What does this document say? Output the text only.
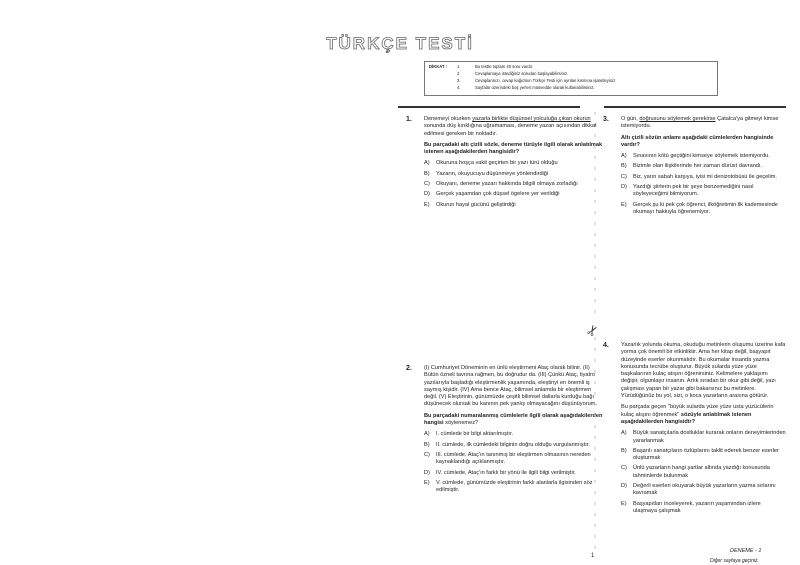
TÜRKÇE TESTİ
DİKKAT : 1.	Bu testte toplam 40 soru vardır.
2.	Cevaplamaya istediğiniz sorudan başlayabilirsiniz.
3.	Cevaplarınızı, cevap kağıdının Türkçe Testi için ayrılan kısmına işaretleyiniz.
4.	Sayfalar üzerindeki boş yerleri müsvedde olarak kullanabilirsiniz.
1. Denemeyi okurken yazarla birlikte düşünsel yolculuğa çıkan okurun sonunda düş kırıklığına uğramaması, deneme yazarı açısından dikkat edilmesi gereken bir noktadır.

Bu parçadaki altı çizili sözle, deneme türüyle ilgili olarak anlatılmak istenen aşağıdakilerden hangisidir?

A)	Okuruna hoşça vakit geçirten bir yazı türü olduğu
B)	Yazarın, okuyucuyu düşünmeye yönlendirdiği
C)	Okuyanı, deneme yazarı hakkında bilgili olmaya zorladığı
D)	Gerçek yaşamdan çok düşsel ögelere yer verildiği
E)	Okurun hayal gücünü geliştirdiği
2. (I) Cumhuriyet Döneminin en ünlü eleştirmeni Ataç olarak bilinir. (II) Bütün özneli tavrına rağmen, bu doğrudur da. (III) Çünkü Ataç, tiyatro yazılarıyla başladığı eleştirmenlik yaşamında, eleştiriyi en önemli iş saymış kişidir. (IV) Ama bence Ataç, bilimsel anlamda bir eleştirmen değil. (V) Eleştirinin, günümüzde çeşitli bilimsel dallarla kurduğu bağı düşünecek olursak bu kanının pek yanlış olmayacağını düşünüyorum.

Bu parçadaki numaralanmış cümlelerle ilgili olarak aşağıdakilerden hangisi söylenemez?

A)	I. cümlede bir bilgi aktarılmıştır.
B)	II. cümlede, ilk cümledeki bilginin doğru olduğu vurgulanmıştır.
C)	III. cümlede, Ataç'ın tanınmış bir eleştirmen olmasının nereden kaynaklandığı açıklanmıştır.
D)	IV. cümlede, Ataç'ın farklı bir yönü ile ilgili bilgi verilmiştir.
E)	V. cümlede, günümüzde eleştirinin farklı alanlarla ilgisinden söz edilmiştir.
✂
1
3. O gün, doğrusunu söylemek gerekirse Çatalca'ya gitmeyi kimse istemiyordu.

Altı çizili sözün anlamı aşağıdaki cümlelerden hangisinde vardır?

A)	Sınavının kötü geçtiğini kimseye söylemek istemiyordu.
B)	Bizimle olan ilişkilerinde her zaman dürüst davrandı.
C)	Biz, yarın sabah karşıya, iyisi mi denizotobüsü ile geçelim.
D)	Yazdığı şiirlerin pek bir şeye benzemediğini nasıl söyleyeceğimi bilmiyorum.
E)	Gerçek şu ki pek çok öğrenci, ilköğretimin ilk kademesinde okumayı hakkıyla öğrenemiyor.
4. Yazarlık yolunda okuma, okuduğu metinlerin oluşumu üzerine kafa yorma çok önemli bir etkinliktir. Ama her kitap değil, başyapıt düzeyinde eserler okunmalıdır. Bu okumalar insanda yazma konusunda tecrübe oluşturur. Büyük sularda yüze yüze başkalarının kulaç atışını öğrenirsiniz. Kelimelere yaklaşımı değişir, olgunlaşır insanın. Artık sıradan bir okur gibi değil, yazı çalışması yapan bir yazar gibi bakarsınız bu metinlere. Yürüdüğünüz bu yol, sizi, o koca yazarların arasına götürür.

Bu parçada geçen "büyük sularda yüze yüze usta yüzücülerin kulaç atışını öğrenmek" sözüyle anlatılmak istenen aşağıdakilerden hangisidir?

A)	Büyük sanatçılarla dostluklar kurarak onların deneyimlerinden yararlanmak
B)	Başarılı sanatçıların özlüplarını taklit ederek benzer eserler oluşturmak
C)	Ünlü yazarların hangi şartlar altında yazdığı konusunda tahminlerde bulunmak
D)	Değerli eserleri okuyarak büyük yazarların yazma sırlarını kavramak
E)	Başyapıtları inceleyerek, yazarın yaşamından izlere ulaşmaya çalışmak
DENEME - 1
Diğer sayfaya geçiniz.
